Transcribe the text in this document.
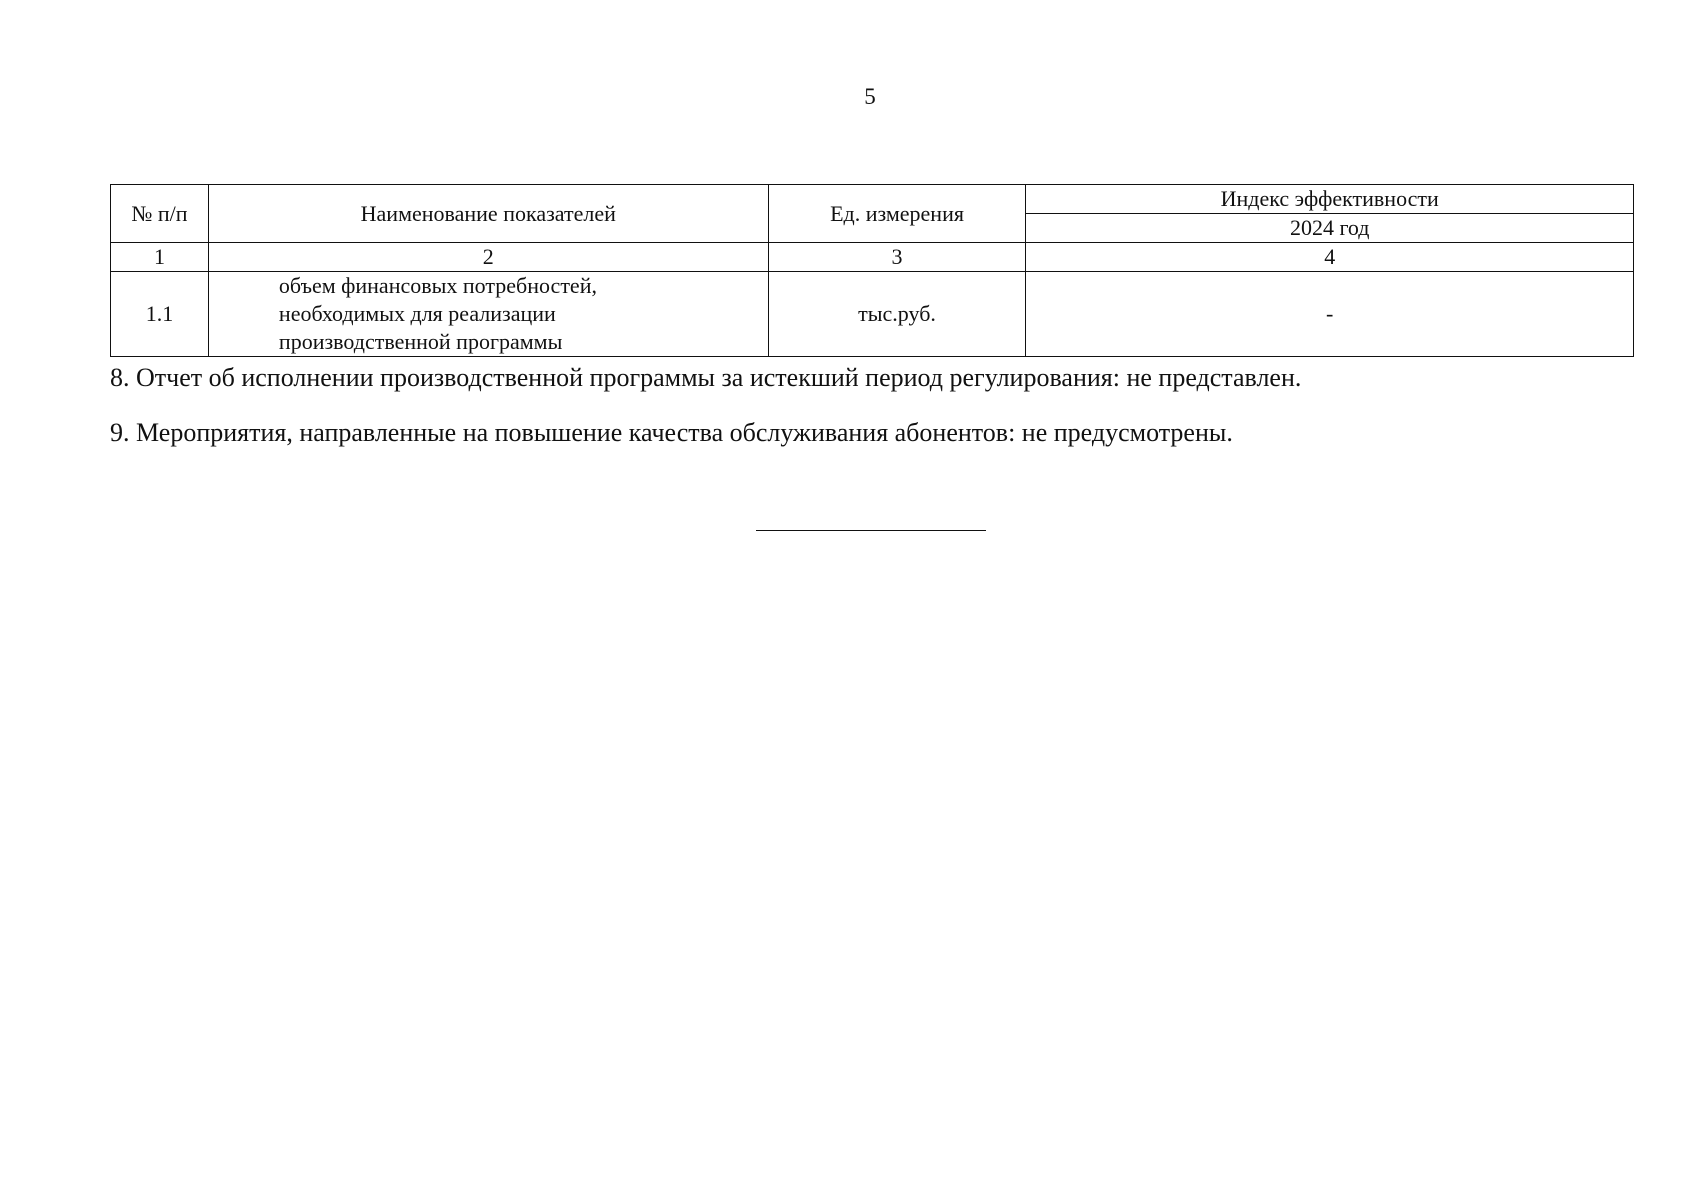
5
№ п/п	Наименование показателей	Ед. измерения	Индекс эффективности
			2024 год
1	2	3	4
1.1	объем финансовых потребностей,
необходимых для реализации
производственной программы	тыс.руб.	-
8. Отчет об исполнении производственной программы за истекший период регулирования: не представлен.
9. Мероприятия, направленные на повышение качества обслуживания абонентов: не предусмотрены.
